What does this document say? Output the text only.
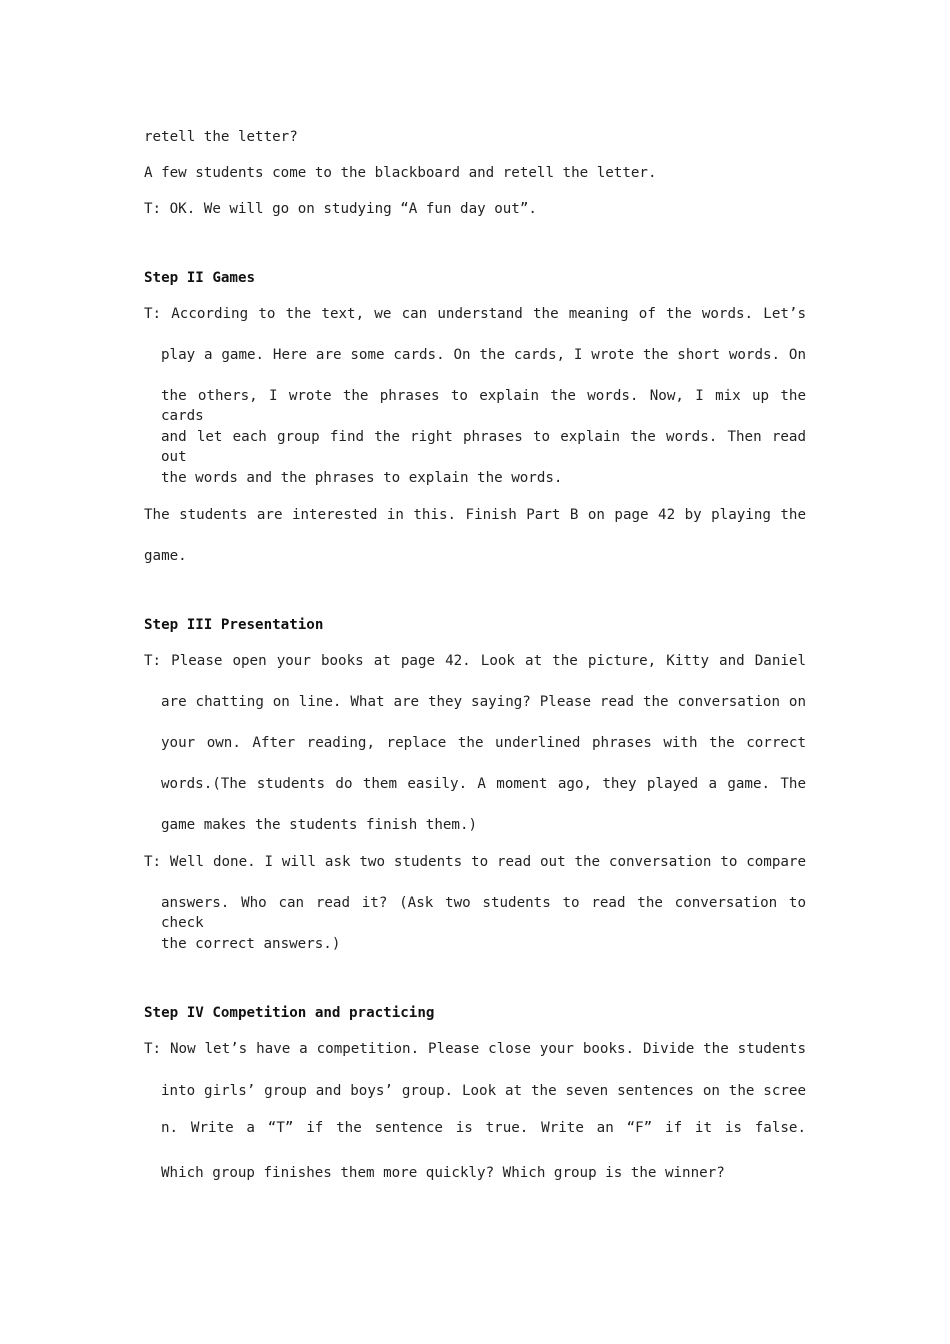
retell the letter?
A few students come to the blackboard and retell the letter.
T: OK. We will go on studying “A fun day out”.
Step II Games
T: According to the text, we can understand the meaning of the words. Let’s
play a game. Here are some cards. On the cards, I wrote the short words. On
the others, I wrote the phrases to explain the words. Now, I mix up the cards
and let each group find the right phrases to explain the words. Then read out
the words and the phrases to explain the words.
The students are interested in this. Finish Part B on page 42 by playing the
game.
Step III Presentation
T: Please open your books at page 42. Look at the picture, Kitty and Daniel
are chatting on line. What are they saying? Please read the conversation on
your own. After reading, replace the underlined phrases with the correct
words.(The students do them easily. A moment ago, they played a game. The
game makes the students finish them.)
T: Well done. I will ask two students to read out the conversation to compare
answers. Who can read it? (Ask two students to read the conversation to check
the correct answers.)
Step IV Competition and practicing
T: Now let’s have a competition. Please close your books. Divide the students
into girls’ group and boys’ group. Look at the seven sentences on the scree
n. Write a “T” if the sentence is true. Write an “F” if it is false.
Which group finishes them more quickly? Which group is the winner?
